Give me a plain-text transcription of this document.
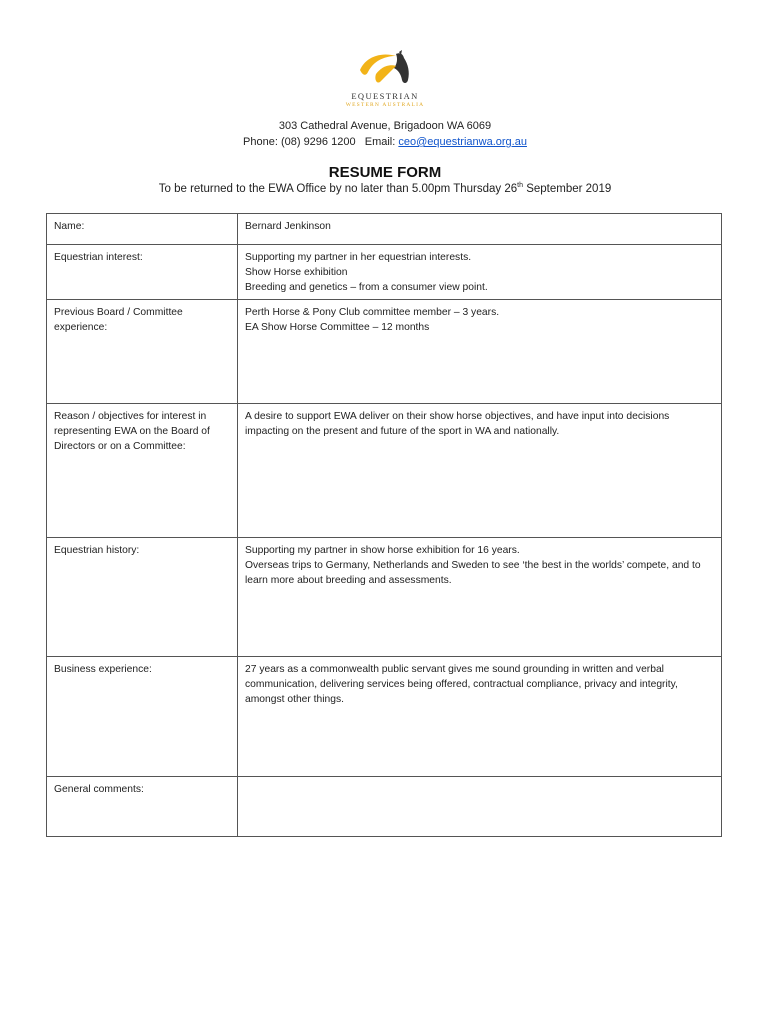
EQUESTRIAN
WESTERN AUSTRALIA
303 Cathedral Avenue, Brigadoon WA 6069
Phone: (08) 9296 1200   Email: ceo@equestrianwa.org.au
RESUME FORM
To be returned to the EWA Office by no later than 5.00pm Thursday 26th September 2019
Name:	Bernard Jenkinson

Equestrian interest:	Supporting my partner in her equestrian interests.
Show Horse exhibition
Breeding and genetics – from a consumer view point.

Previous Board / Committee experience:	Perth Horse & Pony Club committee member – 3 years.
EA Show Horse Committee – 12 months

Reason / objectives for interest in representing EWA on the Board of Directors or on a Committee:	A desire to support EWA deliver on their show horse objectives, and have input into decisions impacting on the present and future of the sport in WA and nationally.

Equestrian history:	Supporting my partner in show horse exhibition for 16 years.
Overseas trips to Germany, Netherlands and Sweden to see ‘the best in the worlds’ compete, and to learn more about breeding and assessments.

Business experience:	27 years as a commonwealth public servant gives me sound grounding in written and verbal communication, delivering services being offered, contractual compliance, privacy and integrity, amongst other things.

General comments:	
